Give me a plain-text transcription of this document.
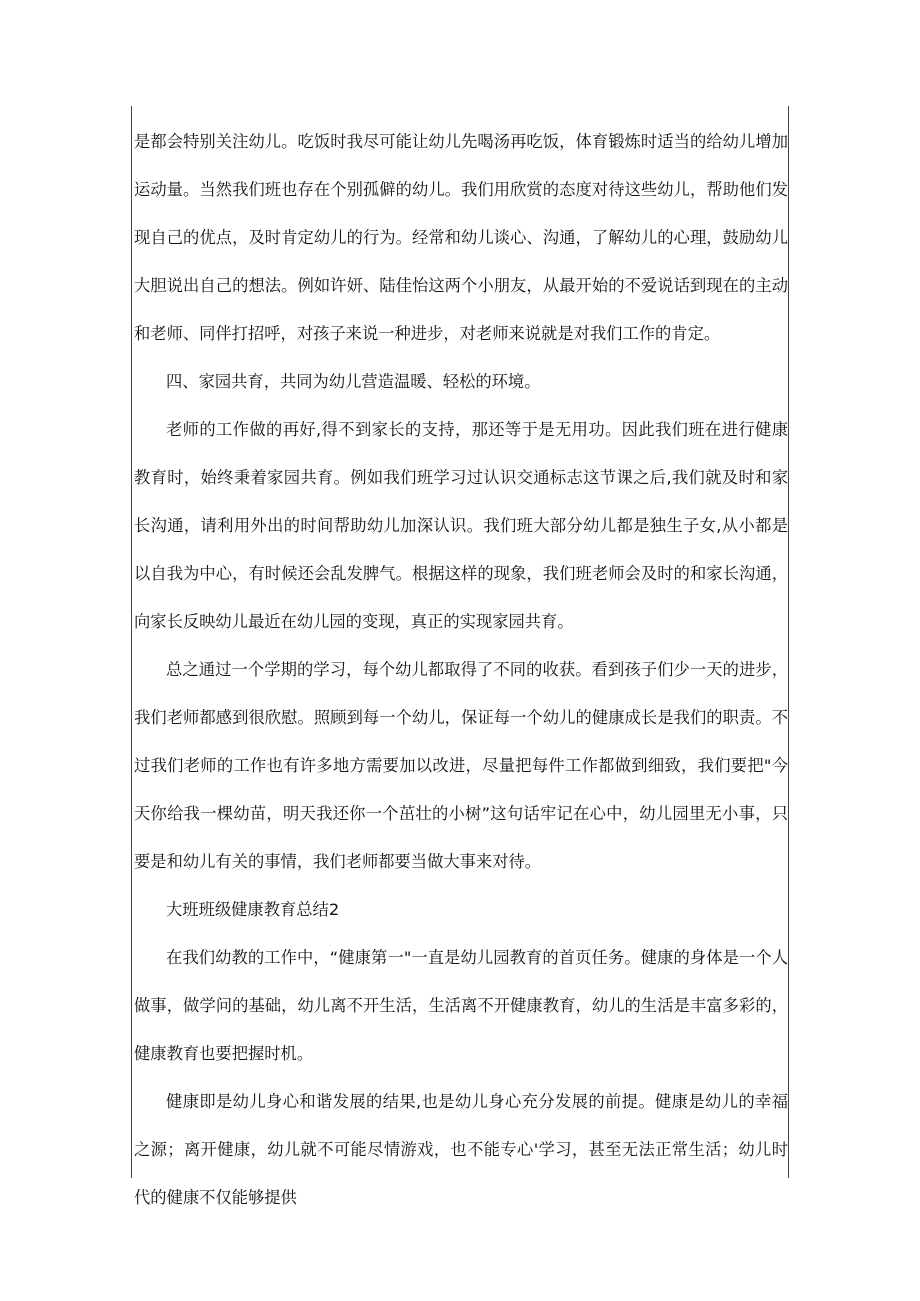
是都会特别关注幼儿。吃饭时我尽可能让幼儿先喝汤再吃饭，体育锻炼时适当的给幼儿增加运动量。当然我们班也存在个别孤僻的幼儿。我们用欣赏的态度对待这些幼儿，帮助他们发现自己的优点，及时肯定幼儿的行为。经常和幼儿谈心、沟通，了解幼儿的心理，鼓励幼儿大胆说出自己的想法。例如许妍、陆佳怡这两个小朋友，从最开始的不爱说话到现在的主动和老师、同伴打招呼，对孩子来说一种进步，对老师来说就是对我们工作的肯定。

四、家园共育，共同为幼儿营造温暖、轻松的环境。

老师的工作做的再好,得不到家长的支持，那还等于是无用功。因此我们班在进行健康教育时，始终秉着家园共育。例如我们班学习过认识交通标志这节课之后,我们就及时和家长沟通，请利用外出的时间帮助幼儿加深认识。我们班大部分幼儿都是独生子女,从小都是以自我为中心，有时候还会乱发脾气。根据这样的现象，我们班老师会及时的和家长沟通，向家长反映幼儿最近在幼儿园的变现，真正的实现家园共育。

总之通过一个学期的学习，每个幼儿都取得了不同的收获。看到孩子们少一天的进步，我们老师都感到很欣慰。照顾到每一个幼儿，保证每一个幼儿的健康成长是我们的职责。不过我们老师的工作也有许多地方需要加以改进，尽量把每件工作都做到细致，我们要把"今天你给我一棵幼苗，明天我还你一个茁壮的小树”这句话牢记在心中，幼儿园里无小事，只要是和幼儿有关的事情，我们老师都要当做大事来对待。

大班班级健康教育总结2

在我们幼教的工作中，“健康第一"一直是幼儿园教育的首页任务。健康的身体是一个人做事，做学问的基础，幼儿离不开生活，生活离不开健康教育，幼儿的生活是丰富多彩的，健康教育也要把握时机。

健康即是幼儿身心和谐发展的结果,也是幼儿身心充分发展的前提。健康是幼儿的幸福之源；离开健康，幼儿就不可能尽情游戏，也不能专心'学习，甚至无法正常生活；幼儿时代的健康不仅能够提供
